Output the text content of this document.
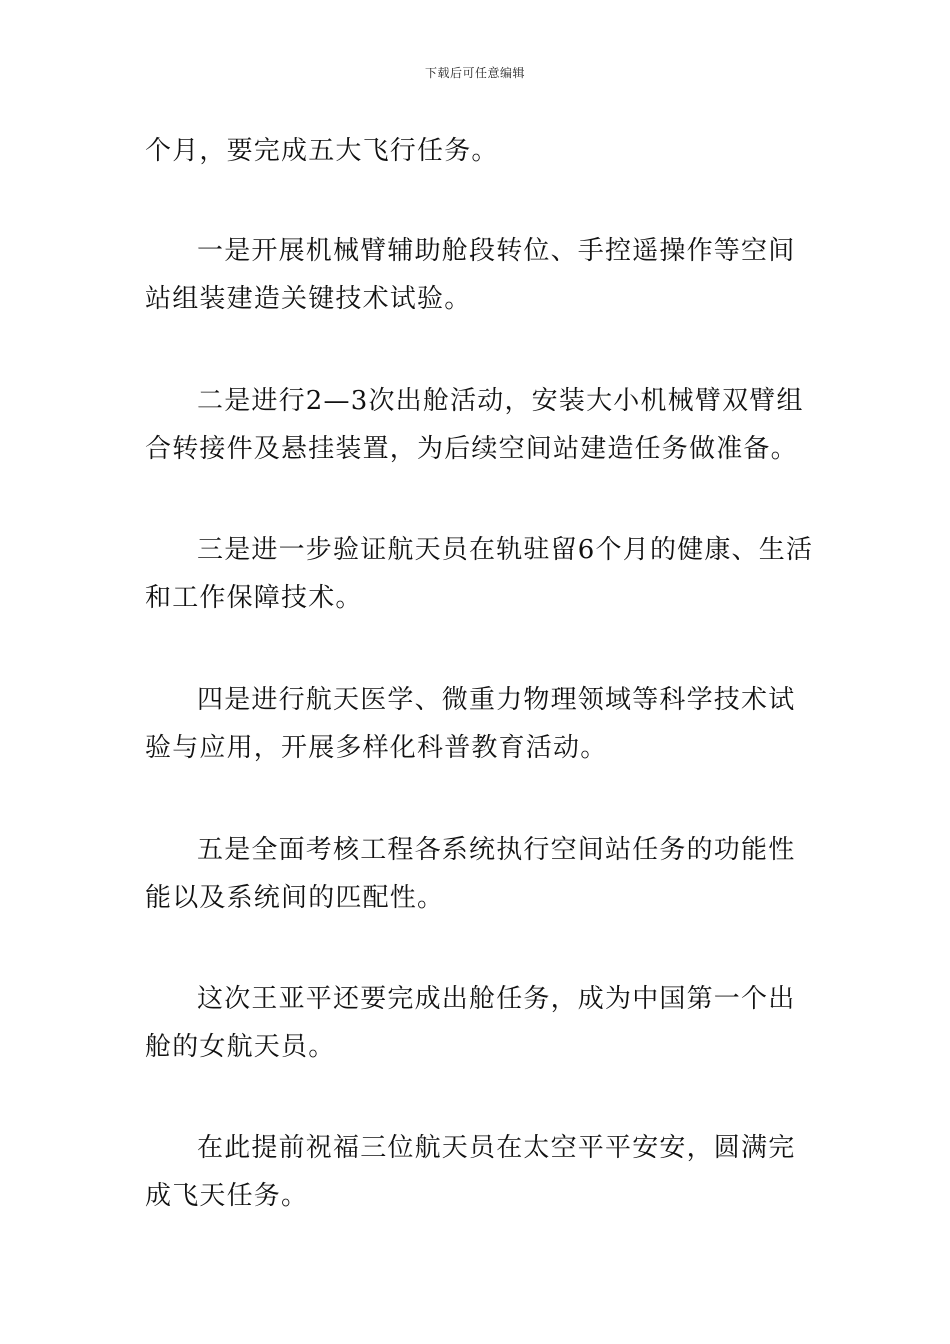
下载后可任意编辑

个月，要完成五大飞行任务。

一是开展机械臂辅助舱段转位、手控遥操作等空间站组装建造关键技术试验。

二是进行2—3次出舱活动，安装大小机械臂双臂组合转接件及悬挂装置，为后续空间站建造任务做准备。

三是进一步验证航天员在轨驻留6个月的健康、生活和工作保障技术。

四是进行航天医学、微重力物理领域等科学技术试验与应用，开展多样化科普教育活动。

五是全面考核工程各系统执行空间站任务的功能性能以及系统间的匹配性。

这次王亚平还要完成出舱任务，成为中国第一个出舱的女航天员。

在此提前祝福三位航天员在太空平平安安，圆满完成飞天任务。
